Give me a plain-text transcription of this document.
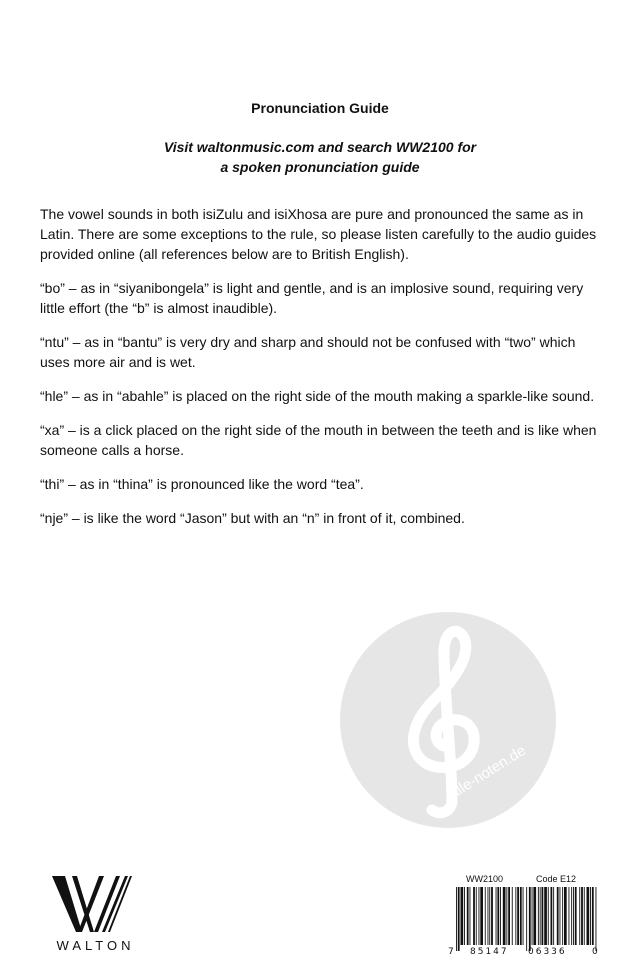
Pronunciation Guide
Visit waltonmusic.com and search WW2100 for
a spoken pronunciation guide

The vowel sounds in both isiZulu and isiXhosa are pure and pronounced the same as in Latin. There are some exceptions to the rule, so please listen carefully to the audio guides provided online (all references below are to British English).

“bo” – as in “siyanibongela” is light and gentle, and is an implosive sound, requiring very little effort (the “b” is almost inaudible).

“ntu” – as in “bantu” is very dry and sharp and should not be confused with “two” which uses more air and is wet.

“hle” – as in “abahle” is placed on the right side of the mouth making a sparkle-like sound.

“xa” – is a click placed on the right side of the mouth in between the teeth and is like when someone calls a horse.

“thi” – as in “thina” is pronounced like the word “tea”.

“nje” – is like the word “Jason” but with an “n” in front of it, combined.

alle-noten.de
WALTON
WW2100	Code E12
7 85147 06336	0
